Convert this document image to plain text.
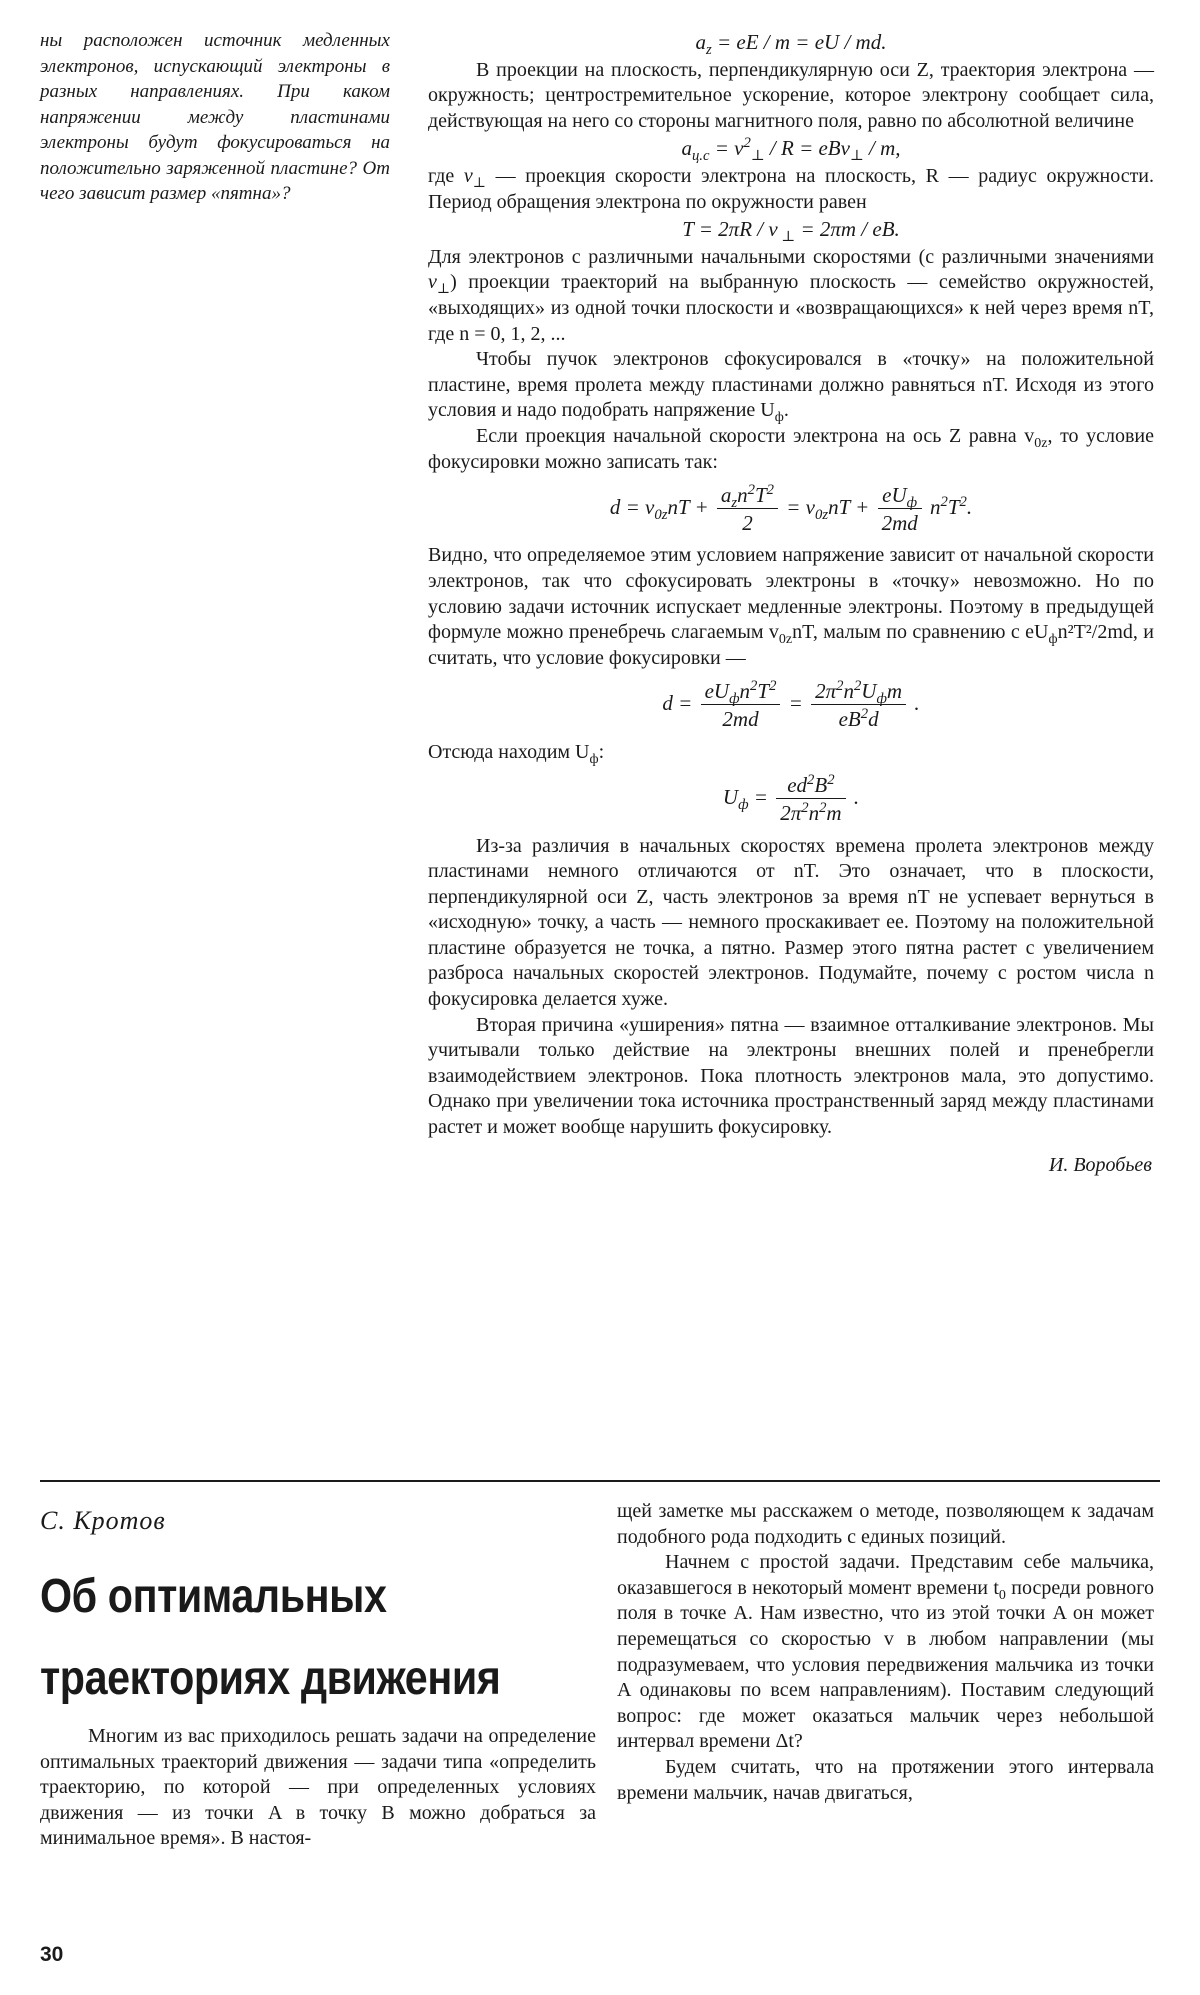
ны расположен источник медленных электронов, испускающий электроны в разных направлениях. При каком напряжении между пластинами электроны будут фокусироваться на положительно заряженной пластине? От чего зависит размер «пятна»?

$a_z$ = eE / m = eU / md.

В проекции на плоскость, перпендикулярную оси Z, траектория электрона — окружность; центростремительное ускорение, которое электрону сообщает сила, действующая на него со стороны магнитного поля, равно по абсолютной величине

$a_{ц.с} = v^2_\perp / R = eBv_\perp / m$,

где $v_\perp$ — проекция скорости электрона на плоскость, R — радиус окружности. Период обращения электрона по окружности равен

T = 2πR / v $_\perp$ = 2πm / eB.

Для электронов с различными начальными скоростями (с различными значениями $v_\perp$) проекции траекторий на выбранную плоскость — семейство окружностей, «выходящих» из одной точки плоскости и «возвращающихся» к ней через время nT, где n = 0, 1, 2, ...

Чтобы пучок электронов сфокусировался в «точку» на положительной пластине, время пролета между пластинами должно равняться nT. Исходя из этого условия и надо подобрать напряжение $U_ф$.

Если проекция начальной скорости электрона на ось Z равна $v_{0z}$, то условие фокусировки можно записать так:

$d = v_{0z}nT + \frac{a_zn^2T^2}{2} = v_{0z}nT + \frac{eU_ф}{2md} n^2T^2$.

Видно, что определяемое этим условием напряжение зависит от начальной скорости электронов, так что сфокусировать электроны в «точку» невозможно. Но по условию задачи источник испускает медленные электроны. Поэтому в предыдущей формуле можно пренебречь слагаемым $v_{0z}nT$, малым по сравнению с $eU_фn^2T^2/2md$, и считать, что условие фокусировки —

$d = \frac{eU_фn^2T^2}{2md} = \frac{2\pi^2n^2U_фm}{eB^2d}$ .

Отсюда находим $U_ф$:

$U_ф = \frac{ed^2B^2}{2\pi^2n^2m}$ .

Из-за различия в начальных скоростях времена пролета электронов между пластинами немного отличаются от nT. Это означает, что в плоскости, перпендикулярной оси Z, часть электронов за время nT не успевает вернуться в «исходную» точку, а часть — немного проскакивает ее. Поэтому на положительной пластине образуется не точка, а пятно. Размер этого пятна растет с увеличением разброса начальных скоростей электронов. Подумайте, почему с ростом числа n фокусировка делается хуже.

Вторая причина «уширения» пятна — взаимное отталкивание электронов. Мы учитывали только действие на электроны внешних полей и пренебрегли взаимодействием электронов. Пока плотность электронов мала, это допустимо. Однако при увеличении тока источника пространственный заряд между пластинами растет и может вообще нарушить фокусировку.

И. Воробьев

С. Кротов
Об оптимальных
траекториях движения

Многим из вас приходилось решать задачи на определение оптимальных траекторий движения — задачи типа «определить траекторию, по которой — при определенных условиях движения — из точки A в точку B можно добраться за минимальное время». В настоя-

щей заметке мы расскажем о методе, позволяющем к задачам подобного рода подходить с единых позиций.

Начнем с простой задачи. Представим себе мальчика, оказавшегося в некоторый момент времени $t_0$ посреди ровного поля в точке A. Нам известно, что из этой точки A он может перемещаться со скоростью v в любом направлении (мы подразумеваем, что условия передвижения мальчика из точки A одинаковы по всем направлениям). Поставим следующий вопрос: где может оказаться мальчик через небольшой интервал времени Δt?

Будем считать, что на протяжении этого интервала времени мальчик, начав двигаться,

30
